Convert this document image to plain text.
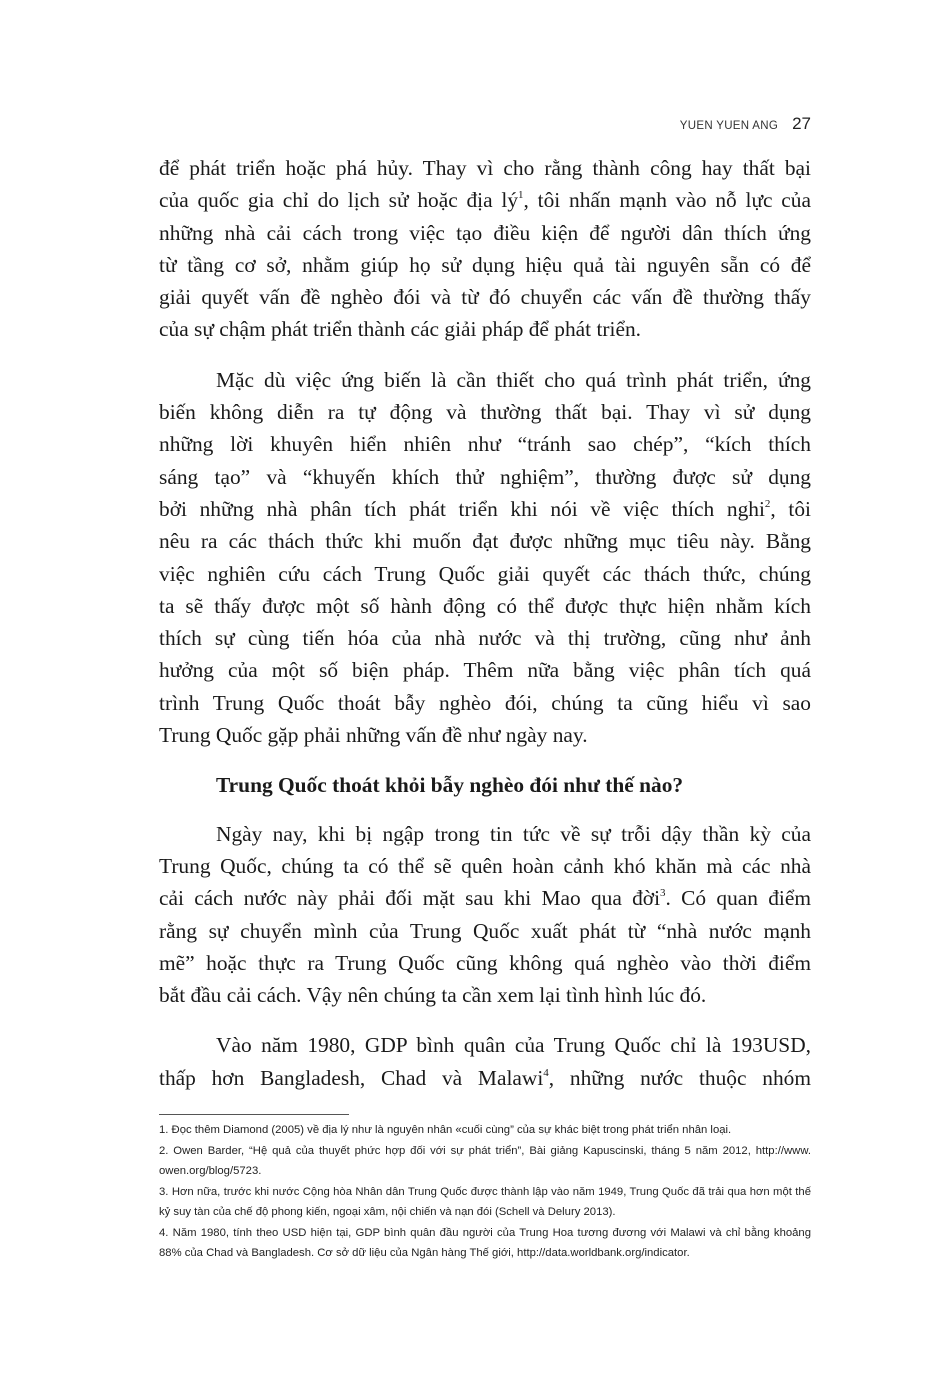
YUEN YUEN ANG 27

để phát triển hoặc phá hủy. Thay vì cho rằng thành công hay thất bại
của quốc gia chỉ do lịch sử hoặc địa $lý^1$, tôi nhấn mạnh vào nỗ lực của
những nhà cải cách trong việc tạo điều kiện để người dân thích ứng
từ tầng cơ sở, nhằm giúp họ sử dụng hiệu quả tài nguyên sẵn có để
giải quyết vấn đề nghèo đói và từ đó chuyển các vấn đề thường thấy
của sự chậm phát triển thành các giải pháp để phát triển.

Mặc dù việc ứng biến là cần thiết cho quá trình phát triển, ứng
biến không diễn ra tự động và thường thất bại. Thay vì sử dụng
những lời khuyên hiển nhiên như “tránh sao chép”, “kích thích
sáng tạo” và “khuyến khích thử nghiệm”, thường được sử dụng
bởi những nhà phân tích phát triển khi nói về việc thích nghi$^2$, tôi
nêu ra các thách thức khi muốn đạt được những mục tiêu này. Bằng
việc nghiên cứu cách Trung Quốc giải quyết các thách thức, chúng
ta sẽ thấy được một số hành động có thể được thực hiện nhằm kích
thích sự cùng tiến hóa của nhà nước và thị trường, cũng như ảnh
hưởng của một số biện pháp. Thêm nữa bằng việc phân tích quá
trình Trung Quốc thoát bẫy nghèo đói, chúng ta cũng hiểu vì sao
Trung Quốc gặp phải những vấn đề như ngày nay.

Trung Quốc thoát khỏi bẫy nghèo đói như thế nào?

Ngày nay, khi bị ngập trong tin tức về sự trỗi dậy thần kỳ của
Trung Quốc, chúng ta có thể sẽ quên hoàn cảnh khó khăn mà các nhà
cải cách nước này phải đối mặt sau khi Mao qua đời$^3$. Có quan điểm
rằng sự chuyển mình của Trung Quốc xuất phát từ “nhà nước mạnh
mẽ” hoặc thực ra Trung Quốc cũng không quá nghèo vào thời điểm
bắt đầu cải cách. Vậy nên chúng ta cần xem lại tình hình lúc đó.

Vào năm 1980, GDP bình quân của Trung Quốc chỉ là 193USD,
thấp hơn Bangladesh, Chad và Malawi$^4$, những nước thuộc nhóm

1. Đọc thêm Diamond (2005) về địa lý như là nguyên nhân «cuối cùng” của sự khác biệt trong phát triển nhân loại.

2. Owen Barder, “Hệ quả của thuyết phức hợp đối với sự phát triển”, Bài giảng Kapuscinski, tháng 5 năm 2012, http://www.
owen.org/blog/5723.

3. Hơn nữa, trước khi nước Cộng hòa Nhân dân Trung Quốc được thành lập vào năm 1949, Trung Quốc đã trải qua hơn một thế
kỷ suy tàn của chế độ phong kiến, ngoại xâm, nội chiến và nạn đói (Schell và Delury 2013).

4. Năm 1980, tính theo USD hiện tại, GDP bình quân đầu người của Trung Hoa tương đương với Malawi và chỉ bằng khoảng
88% của Chad và Bangladesh. Cơ sở dữ liệu của Ngân hàng Thế giới, http://data.worldbank.org/indicator.
